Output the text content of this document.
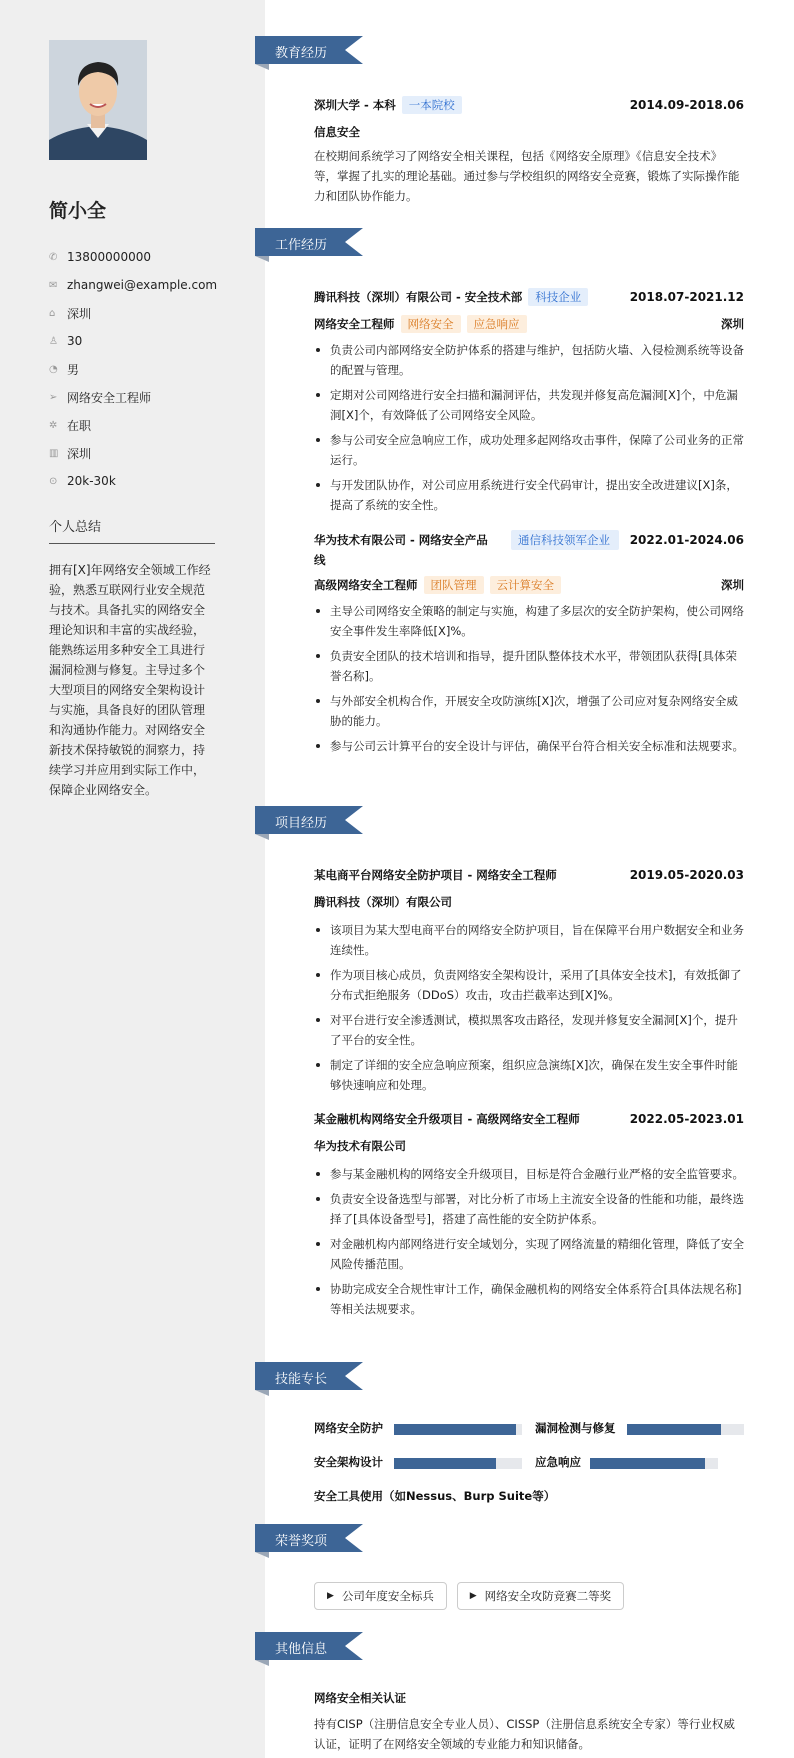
简小全
✆ 13800000000
✉ zhangwei@example.com
⌂ 深圳
♙ 30
◔ 男
➢ 网络安全工程师
✲ 在职
▥ 深圳
⊙ 20k-30k
个人总结
拥有[X]年网络安全领域工作经验，熟悉互联网行业安全规范与技术。具备扎实的网络安全理论知识和丰富的实战经验，能熟练运用多种安全工具进行漏洞检测与修复。主导过多个大型项目的网络安全架构设计与实施，具备良好的团队管理和沟通协作能力。对网络安全新技术保持敏锐的洞察力，持续学习并应用到实际工作中，保障企业网络安全。
教育经历
工作经历
项目经历
技能专长
荣誉奖项
其他信息
深圳大学 - 本科 一本院校	2014.09-2018.06
信息安全
在校期间系统学习了网络安全相关课程，包括《网络安全原理》《信息安全技术》等，掌握了扎实的理论基础。通过参与学校组织的网络安全竞赛，锻炼了实际操作能力和团队协作能力。
腾讯科技（深圳）有限公司 - 安全技术部 科技企业	2018.07-2021.12
网络安全工程师 网络安全 应急响应	深圳
负责公司内部网络安全防护体系的搭建与维护，包括防火墙、入侵检测系统等设备的配置与管理。
定期对公司网络进行安全扫描和漏洞评估，共发现并修复高危漏洞[X]个，中危漏洞[X]个，有效降低了公司网络安全风险。
参与公司安全应急响应工作，成功处理多起网络攻击事件，保障了公司业务的正常运行。
与开发团队协作，对公司应用系统进行安全代码审计，提出安全改进建议[X]条，提高了系统的安全性。
华为技术有限公司 - 网络安全产品线
通信科技领军企业	2022.01-2024.06
高级网络安全工程师 团队管理 云计算安全	深圳
主导公司网络安全策略的制定与实施，构建了多层次的安全防护架构，使公司网络安全事件发生率降低[X]%。
负责安全团队的技术培训和指导，提升团队整体技术水平，带领团队获得[具体荣誉名称]。
与外部安全机构合作，开展安全攻防演练[X]次，增强了公司应对复杂网络安全威胁的能力。
参与公司云计算平台的安全设计与评估，确保平台符合相关安全标准和法规要求。
某电商平台网络安全防护项目 - 网络安全工程师	2019.05-2020.03
腾讯科技（深圳）有限公司
该项目为某大型电商平台的网络安全防护项目，旨在保障平台用户数据安全和业务连续性。
作为项目核心成员，负责网络安全架构设计，采用了[具体安全技术]，有效抵御了分布式拒绝服务（DDoS）攻击，攻击拦截率达到[X]%。
对平台进行安全渗透测试，模拟黑客攻击路径，发现并修复安全漏洞[X]个，提升了平台的安全性。
制定了详细的安全应急响应预案，组织应急演练[X]次，确保在发生安全事件时能够快速响应和处理。
某金融机构网络安全升级项目 - 高级网络安全工程师	2022.05-2023.01
华为技术有限公司
参与某金融机构的网络安全升级项目，目标是符合金融行业严格的安全监管要求。
负责安全设备选型与部署，对比分析了市场上主流安全设备的性能和功能，最终选择了[具体设备型号]，搭建了高性能的安全防护体系。
对金融机构内部网络进行安全域划分，实现了网络流量的精细化管理，降低了安全风险传播范围。
协助完成安全合规性审计工作，确保金融机构的网络安全体系符合[具体法规名称]等相关法规要求。
网络安全防护	漏洞检测与修复
安全架构设计	应急响应
安全工具使用（如Nessus、Burp Suite等）
▶ 公司年度安全标兵
	▶ 网络安全攻防竞赛二等奖
网络安全相关认证
持有CISP（注册信息安全专业人员）、CISSP（注册信息系统安全专家）等行业权威认证，证明了在网络安全领域的专业能力和知识储备。
